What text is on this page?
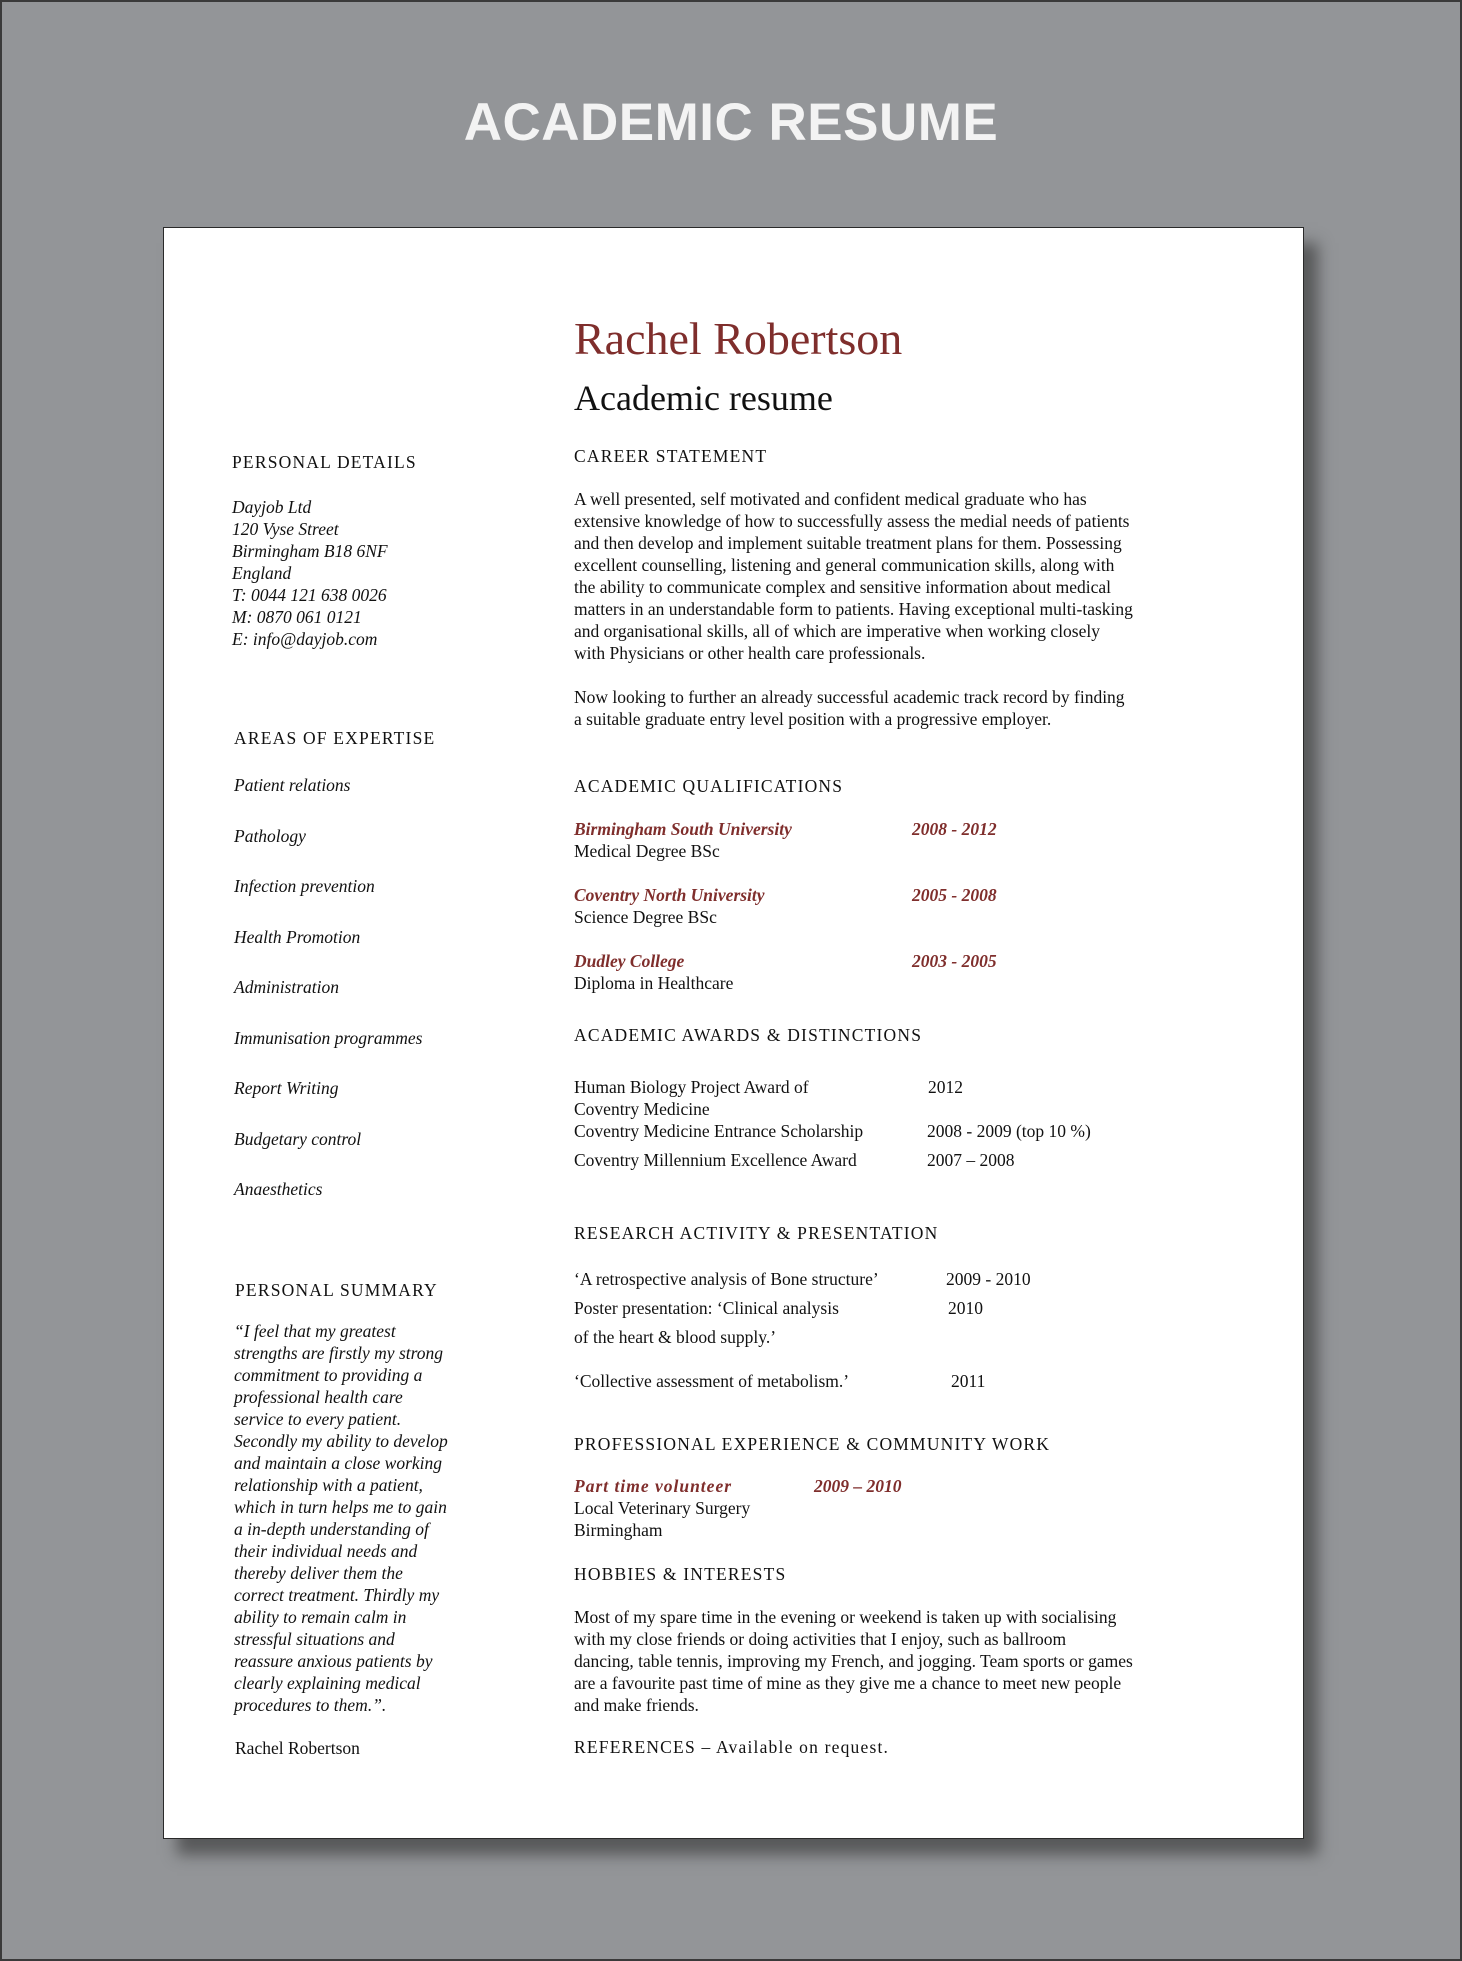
ACADEMIC RESUME
Rachel Robertson
Academic resume
PERSONAL DETAILS
Dayjob Ltd
120 Vyse Street
Birmingham B18 6NF
England
T: 0044 121 638 0026
M: 0870 061 0121
E: info@dayjob.com
AREAS OF EXPERTISE
Patient relations
Pathology
Infection prevention
Health Promotion
Administration
Immunisation programmes
Report Writing
Budgetary control
Anaesthetics
PERSONAL SUMMARY
“I feel that my greatest
strengths are firstly my strong
commitment to providing a
professional health care
service to every patient.
Secondly my ability to develop
and maintain a close working
relationship with a patient,
which in turn helps me to gain
a in-depth understanding of
their individual needs and
thereby deliver them the
correct treatment. Thirdly my
ability to remain calm in
stressful situations and
reassure anxious patients by
clearly explaining medical
procedures to them.”.
Rachel Robertson
CAREER STATEMENT
A well presented, self motivated and confident medical graduate who has
extensive knowledge of how to successfully assess the medial needs of patients
and then develop and implement suitable treatment plans for them. Possessing
excellent counselling, listening and general communication skills, along with
the ability to communicate complex and sensitive information about medical
matters in an understandable form to patients. Having exceptional multi-tasking
and organisational skills, all of which are imperative when working closely
with Physicians or other health care professionals.
Now looking to further an already successful academic track record by finding
a suitable graduate entry level position with a progressive employer.
ACADEMIC QUALIFICATIONS
Birmingham South University	2008 - 2012
Medical Degree BSc
Coventry North University	2005 - 2008
Science Degree BSc
Dudley College	2003 - 2005
Diploma in Healthcare
ACADEMIC AWARDS & DISTINCTIONS
Human Biology Project Award of	2012
Coventry Medicine
Coventry Medicine Entrance Scholarship	2008 - 2009 (top 10 %)
Coventry Millennium Excellence Award	2007 – 2008
RESEARCH ACTIVITY & PRESENTATION
‘A retrospective analysis of Bone structure’	2009 - 2010
Poster presentation: ‘Clinical analysis	2010
of the heart & blood supply.’
‘Collective assessment of metabolism.’	2011
PROFESSIONAL EXPERIENCE & COMMUNITY WORK
Part time volunteer	2009 – 2010
Local Veterinary Surgery
Birmingham
HOBBIES & INTERESTS
Most of my spare time in the evening or weekend is taken up with socialising
with my close friends or doing activities that I enjoy, such as ballroom
dancing, table tennis, improving my French, and jogging. Team sports or games
are a favourite past time of mine as they give me a chance to meet new people
and make friends.
REFERENCES – Available on request.
